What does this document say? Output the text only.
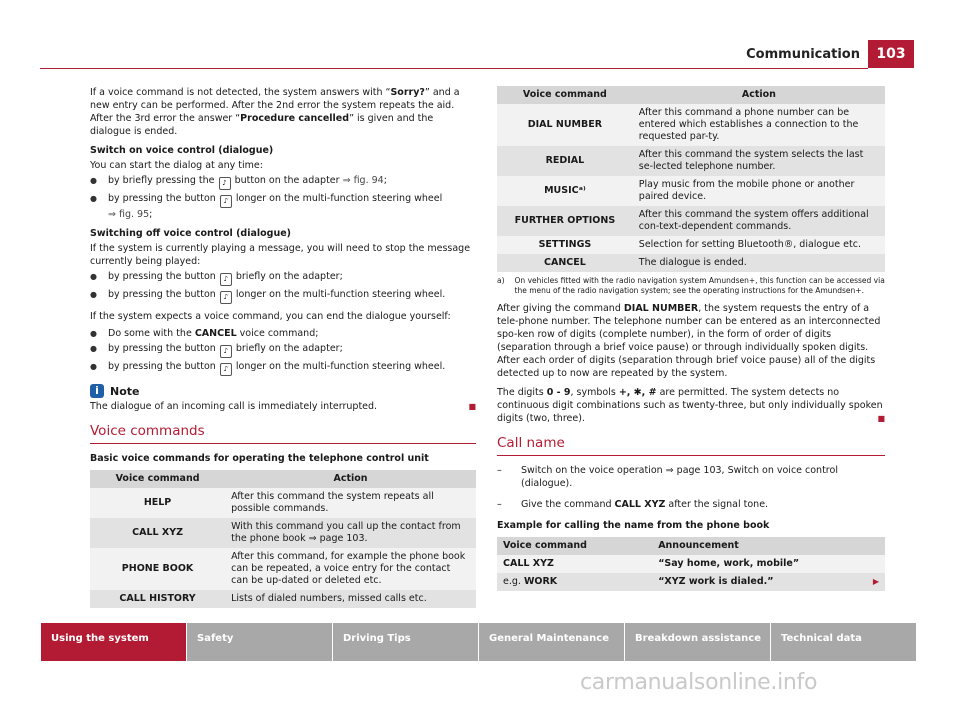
Communication	103

If a voice command is not detected, the system answers with “Sorry?” and a new entry can be performed. After the 2nd error the system repeats the aid. After the 3rd error the answer “Procedure cancelled” is given and the dialogue is ended.

Switch on voice control (dialogue)

You can start the dialog at any time:

● by briefly pressing the ♪ button on the adapter ⇒ fig. 94;
● by pressing the button ♪ longer on the multi-function steering wheel
⇒ fig. 95;

Switching off voice control (dialogue)

If the system is currently playing a message, you will need to stop the message currently being played:

● by pressing the button ♪ briefly on the adapter;
● by pressing the button ♪ longer on the multi-function steering wheel.

If the system expects a voice command, you can end the dialogue yourself:

● Do some with the CANCEL voice command;
● by pressing the button ♪ briefly on the adapter;
● by pressing the button ♪ longer on the multi-function steering wheel.
i	Note
The dialogue of an incoming call is immediately interrupted.	■
Voice commands

Basic voice commands for operating the telephone control unit

Voice command	Action
HELP	After this command the system repeats all possible commands.
CALL XYZ	With this command you call up the contact from the phone book ⇒ page 103.
PHONE BOOK	After this command, for example the phone book can be repeated, a voice entry for the contact can be up-dated or deleted etc.
CALL HISTORY	Lists of dialed numbers, missed calls etc.
Voice command	Action
DIAL NUMBER	After this command a phone number can be entered which establishes a connection to the requested par-ty.
REDIAL	After this command the system selects the last se-lected telephone number.
MUSICᵃ⁾	Play music from the mobile phone or another paired device.
FURTHER OPTIONS	After this command the system offers additional con-text-dependent commands.
SETTINGS	Selection for setting Bluetooth®, dialogue etc.
CANCEL	The dialogue is ended.
a) On vehicles fitted with the radio navigation system Amundsen+, this function can be accessed via the menu of the radio navigation system; see the operating instructions for the Amundsen+.

After giving the command DIAL NUMBER, the system requests the entry of a tele-phone number. The telephone number can be entered as an interconnected spo-ken row of digits (complete number), in the form of order of digits (separation through a brief voice pause) or through individually spoken digits. After each order of digits (separation through brief voice pause) all of the digits detected up to now are repeated by the system.

The digits 0 - 9, symbols +, ✱, # are permitted. The system detects no continuous digit combinations such as twenty-three, but only individually spoken digits (two, three).	■

Call name
– Switch on the voice operation ⇒ page 103, Switch on voice control (dialogue).
– Give the command CALL XYZ after the signal tone.

Example for calling the name from the phone book

Voice command	Announcement
CALL XYZ	“Say home, work, mobile”
e.g. WORK	“XYZ work is dialed.” ▶
Using the system	Safety	Driving Tips	General Maintenance	Breakdown assistance	Technical data
carmanualsonline.info
